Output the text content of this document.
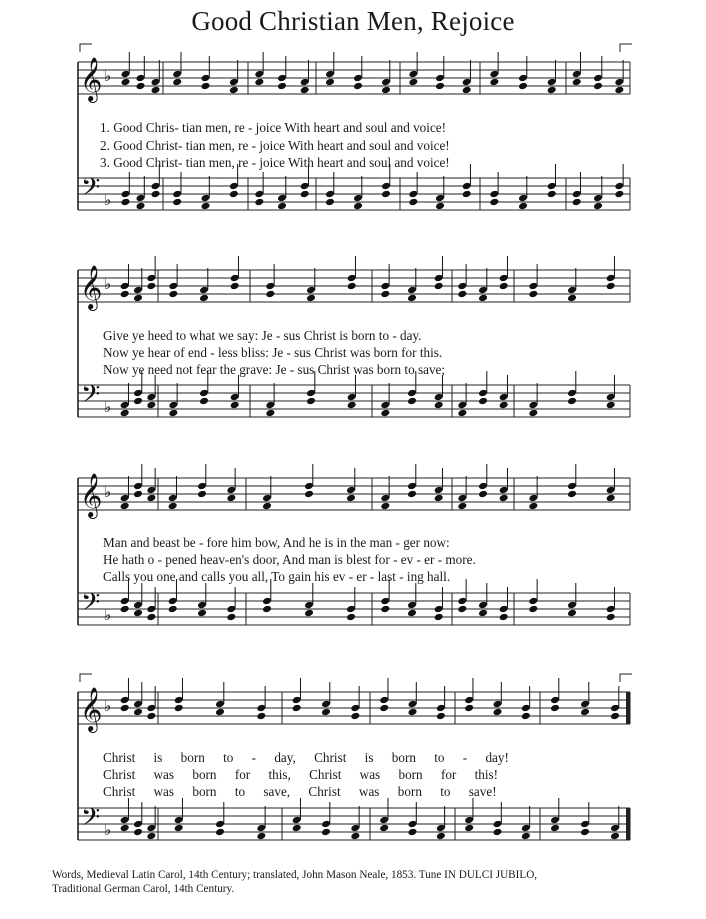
Good Christian Men, Rejoice
𝄞
𝄢
♭
♭
𝄞
𝄢
♭
♭
𝄞
𝄢
♭
♭
𝄞
𝄢
♭
♭
1. Good Chris- tian men, re - joice With heart and soul and voice!
2. Good Christ- tian men, re - joice With heart and soul and voice!
3. Good Christ- tian men, re - joice With heart and soul and voice!
Give ye heed to what we say: Je - sus Christ is born to - day.
Now ye hear of end - less bliss: Je - sus Christ was born for this.
Now ye need not fear the grave: Je - sus Christ was born to save;
Man and beast be - fore him bow, And he is in the man - ger now:
He hath o - pened heav-en's door, And man is blest for - ev - er - more.
Calls you one and calls you all, To gain his ev - er - last - ing hall.
Christ is born to - day, Christ is born to - day!
Christ was born for this, Christ was born for this!
Christ was born to save, Christ was born to save!
Words, Medieval Latin Carol, 14th Century; translated, John Mason Neale, 1853. Tune IN DULCI JUBILO,
Traditional German Carol, 14th Century.
